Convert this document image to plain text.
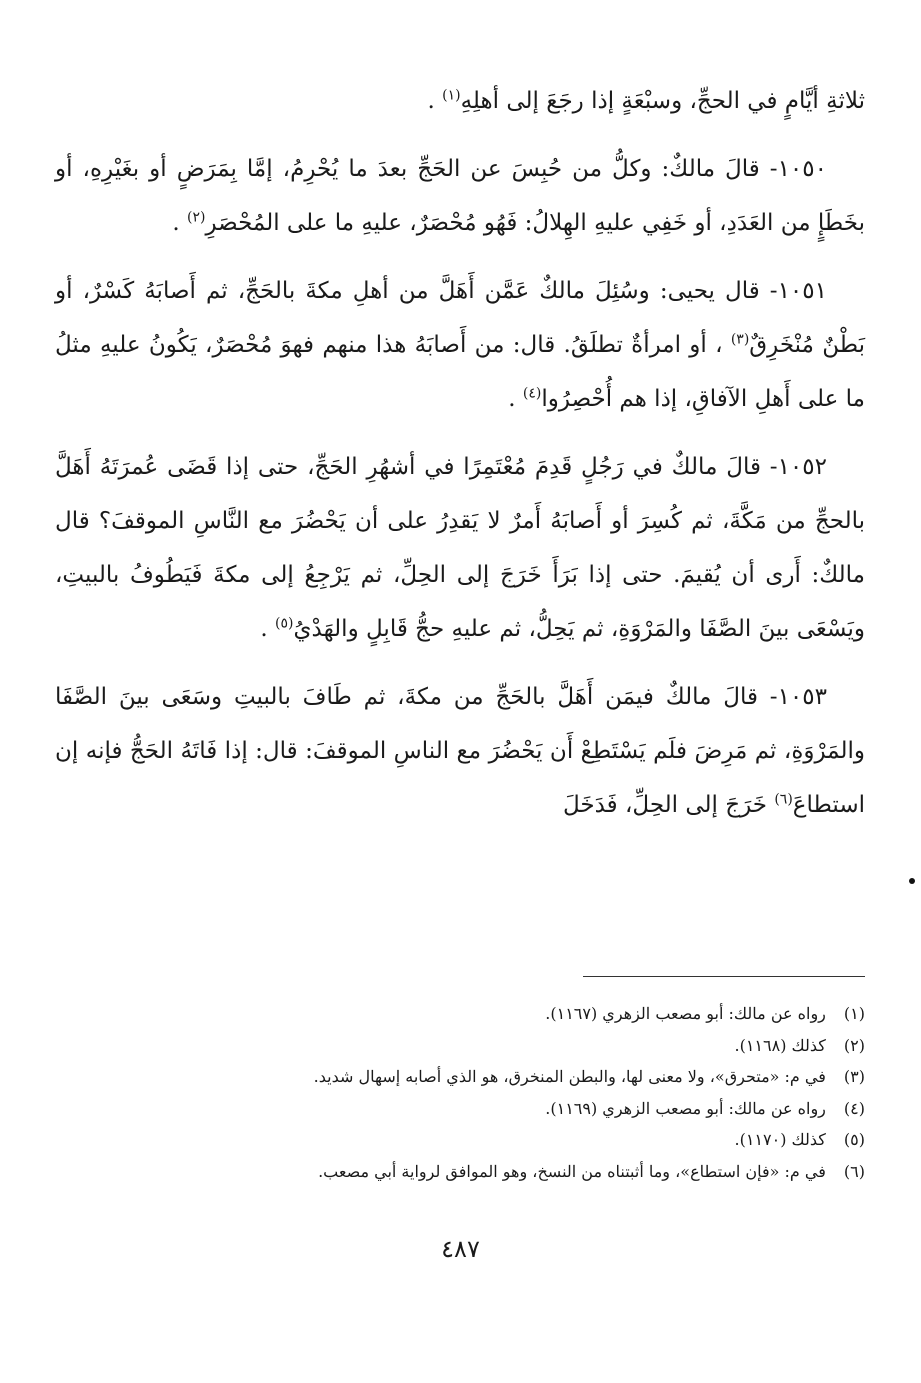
ثلاثةِ أيَّامٍ في الحجِّ، وسبْعَةٍ إذا رجَعَ إلى أهلِهِ$^{(١)}$ .

١٠٥٠- قالَ مالكٌ: وكلُّ من حُبِسَ عن الحَجِّ بعدَ ما يُحْرِمُ، إمَّا بِمَرَضٍ أو بغَيْرِهِ، أو بخَطَإٍ من العَدَدِ، أو خَفِي عليهِ الهِلالُ: فَهُو مُحْصَرٌ، عليهِ ما على المُحْصَرِ$^{(٢)}$ .

١٠٥١- قال يحيى: وسُئِلَ مالكٌ عَمَّن أَهَلَّ من أهلِ مكةَ بالحَجِّ، ثم أَصابَهُ كَسْرٌ، أو بَطْنٌ مُنْخَرِقٌ$^{(٣)}$ ، أو امرأةٌ تطلَقُ. قال: من أَصابَهُ هذا منهم فهوَ مُحْصَرٌ، يَكُونُ عليهِ مثلُ ما على أَهلِ الآفاقِ، إذا هم أُحْصِرُوا$^{(٤)}$ .

١٠٥٢- قالَ مالكٌ في رَجُلٍ قَدِمَ مُعْتَمِرًا في أشهُرِ الحَجِّ، حتى إذا قَضَى عُمرَتَهُ أَهَلَّ بالحجِّ من مَكَّةَ، ثم كُسِرَ أو أَصابَهُ أَمرٌ لا يَقدِرُ على أن يَحْضُرَ مع النَّاسِ الموقفَ؟ قال مالكٌ: أَرى أن يُقيمَ. حتى إذا بَرَأَ خَرَجَ إلى الحِلِّ، ثم يَرْجِعُ إلى مكةَ فَيَطُوفُ بالبيتِ، ويَسْعَى بينَ الصَّفَا والمَرْوَةِ، ثم يَحِلُّ، ثم عليهِ حجُّ قَابِلٍ والهَدْيُ$^{(٥)}$ .

١٠٥٣- قالَ مالكٌ فيمَن أَهَلَّ بالحَجِّ من مكةَ، ثم طَافَ بالبيتِ وسَعَى بينَ الصَّفَا والمَرْوَةِ، ثم مَرِضَ فلَم يَسْتَطِعْ أَن يَحْضُرَ مع الناسِ الموقفَ: قال: إذا فَاتَهُ الحَجُّ فإنه إن استطاعَ$^{(٦)}$ خَرَجَ إلى الحِلِّ، فَدَخَلَ

(١) رواه عن مالك: أبو مصعب الزهري (١١٦٧).

(٢) كذلك (١١٦٨).

(٣) في م: «متحرق»، ولا معنى لها، والبطن المنخرق، هو الذي أصابه إسهال شديد.

(٤) رواه عن مالك: أبو مصعب الزهري (١١٦٩).

(٥) كذلك (١١٧٠).

(٦) في م: «فإن استطاع»، وما أثبتناه من النسخ، وهو الموافق لرواية أبي مصعب.

٤٨٧
